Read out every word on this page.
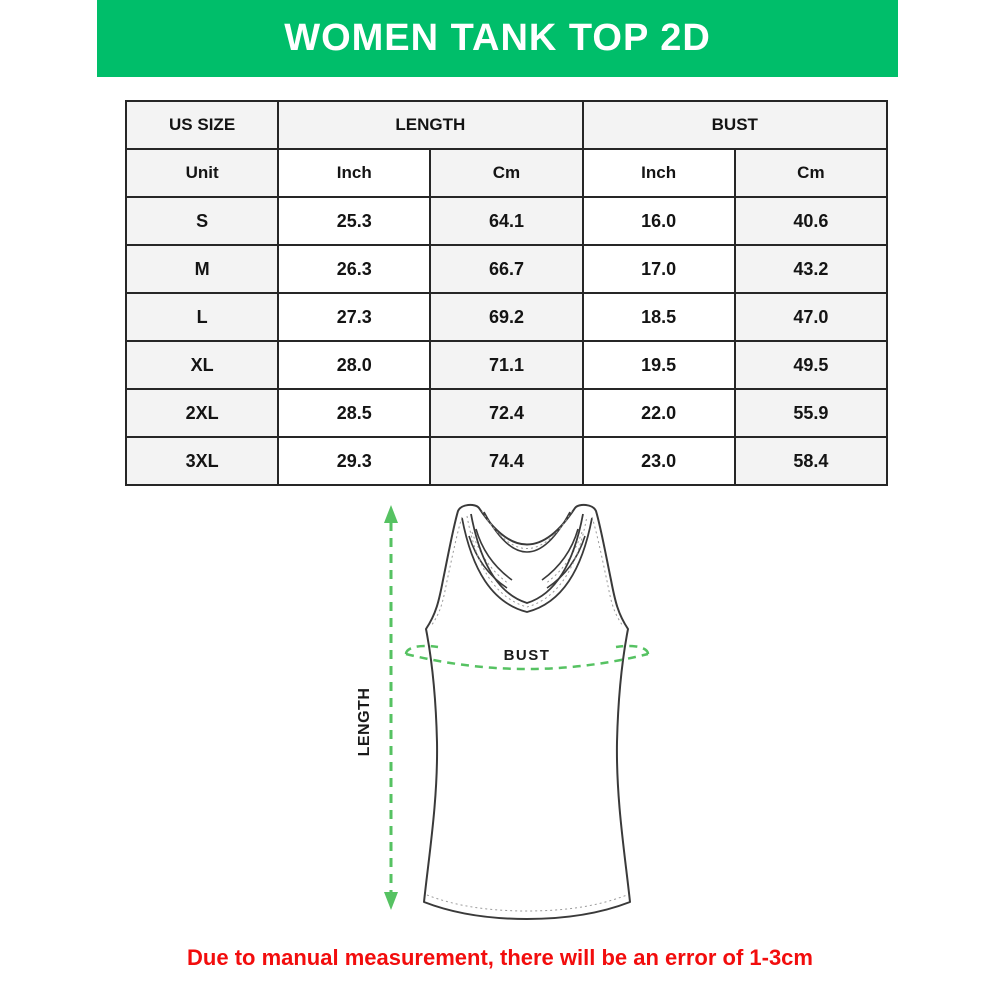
WOMEN TANK TOP 2D
US SIZE	LENGTH		BUST	
Unit	Inch	Cm	Inch	Cm
S	25.3	64.1	16.0	40.6
M	26.3	66.7	17.0	43.2
L	27.3	69.2	18.5	47.0
XL	28.0	71.1	19.5	49.5
2XL	28.5	72.4	22.0	55.9
3XL	29.3	74.4	23.0	58.4
LENGTH
BUST
Due to manual measurement, there will be an error of 1-3cm
